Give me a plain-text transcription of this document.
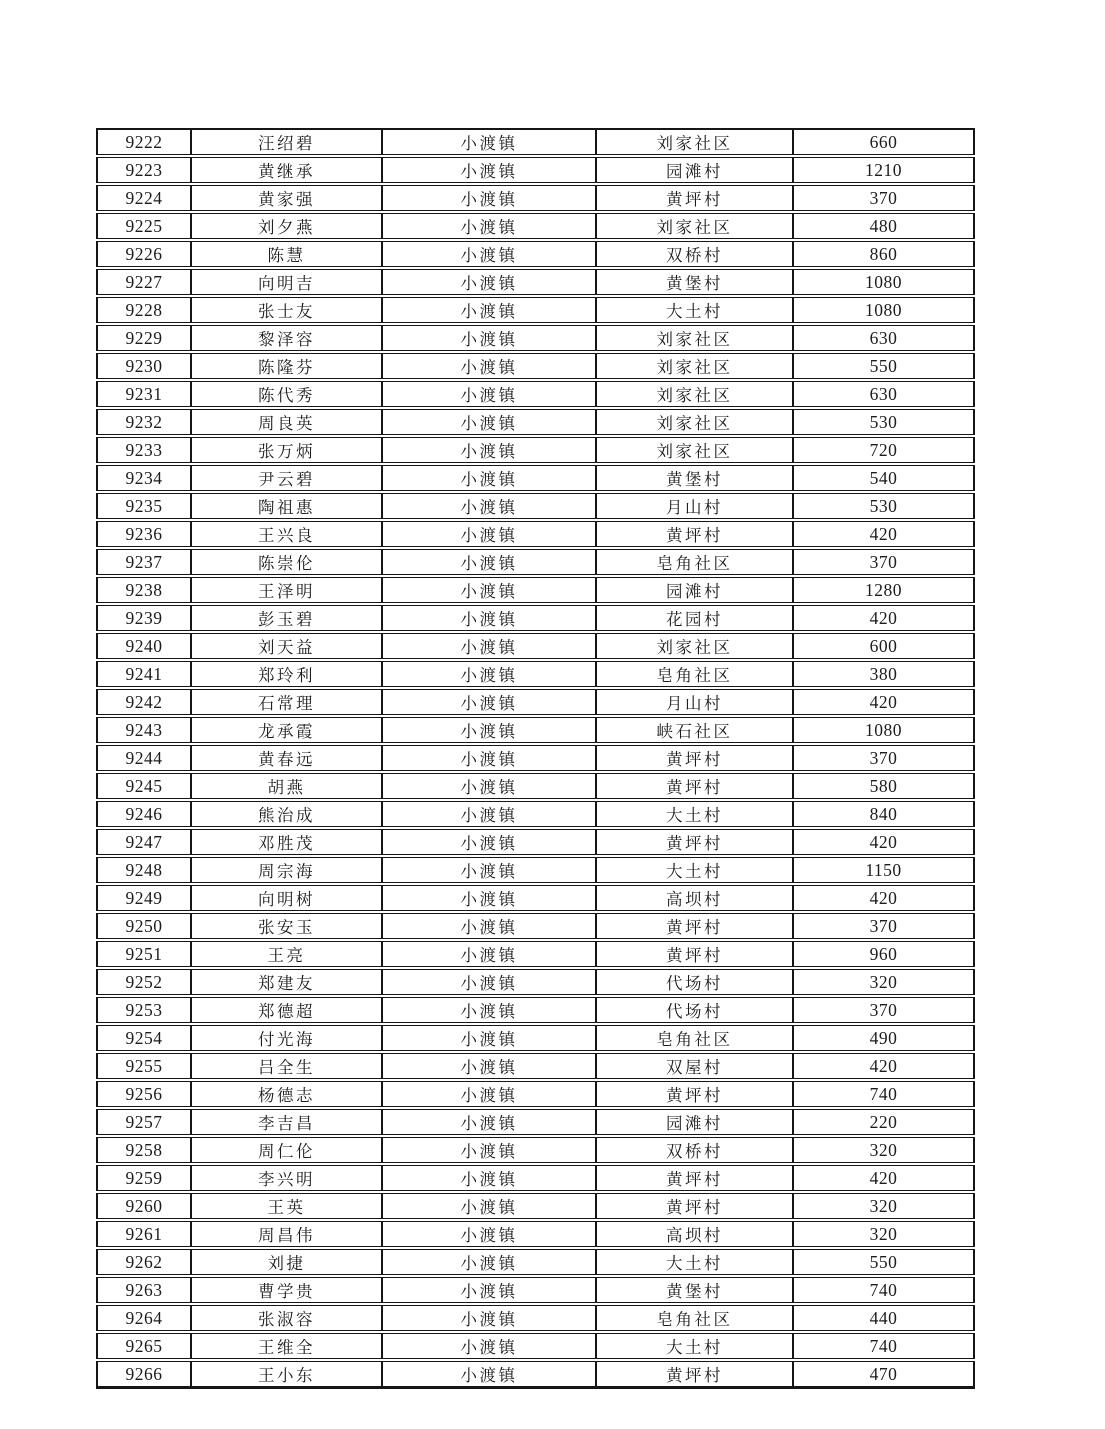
9222	汪绍碧	小渡镇	刘家社区	660
9223	黄继承	小渡镇	园滩村	1210
9224	黄家强	小渡镇	黄坪村	370
9225	刘夕燕	小渡镇	刘家社区	480
9226	陈慧	小渡镇	双桥村	860
9227	向明吉	小渡镇	黄堡村	1080
9228	张士友	小渡镇	大土村	1080
9229	黎泽容	小渡镇	刘家社区	630
9230	陈隆芬	小渡镇	刘家社区	550
9231	陈代秀	小渡镇	刘家社区	630
9232	周良英	小渡镇	刘家社区	530
9233	张万炳	小渡镇	刘家社区	720
9234	尹云碧	小渡镇	黄堡村	540
9235	陶祖惠	小渡镇	月山村	530
9236	王兴良	小渡镇	黄坪村	420
9237	陈崇伦	小渡镇	皂角社区	370
9238	王泽明	小渡镇	园滩村	1280
9239	彭玉碧	小渡镇	花园村	420
9240	刘天益	小渡镇	刘家社区	600
9241	郑玲利	小渡镇	皂角社区	380
9242	石常理	小渡镇	月山村	420
9243	龙承霞	小渡镇	峡石社区	1080
9244	黄春远	小渡镇	黄坪村	370
9245	胡燕	小渡镇	黄坪村	580
9246	熊治成	小渡镇	大土村	840
9247	邓胜茂	小渡镇	黄坪村	420
9248	周宗海	小渡镇	大土村	1150
9249	向明树	小渡镇	高坝村	420
9250	张安玉	小渡镇	黄坪村	370
9251	王亮	小渡镇	黄坪村	960
9252	郑建友	小渡镇	代场村	320
9253	郑德超	小渡镇	代场村	370
9254	付光海	小渡镇	皂角社区	490
9255	吕全生	小渡镇	双屋村	420
9256	杨德志	小渡镇	黄坪村	740
9257	李吉昌	小渡镇	园滩村	220
9258	周仁伦	小渡镇	双桥村	320
9259	李兴明	小渡镇	黄坪村	420
9260	王英	小渡镇	黄坪村	320
9261	周昌伟	小渡镇	高坝村	320
9262	刘捷	小渡镇	大土村	550
9263	曹学贵	小渡镇	黄堡村	740
9264	张淑容	小渡镇	皂角社区	440
9265	王维全	小渡镇	大土村	740
9266	王小东	小渡镇	黄坪村	470
